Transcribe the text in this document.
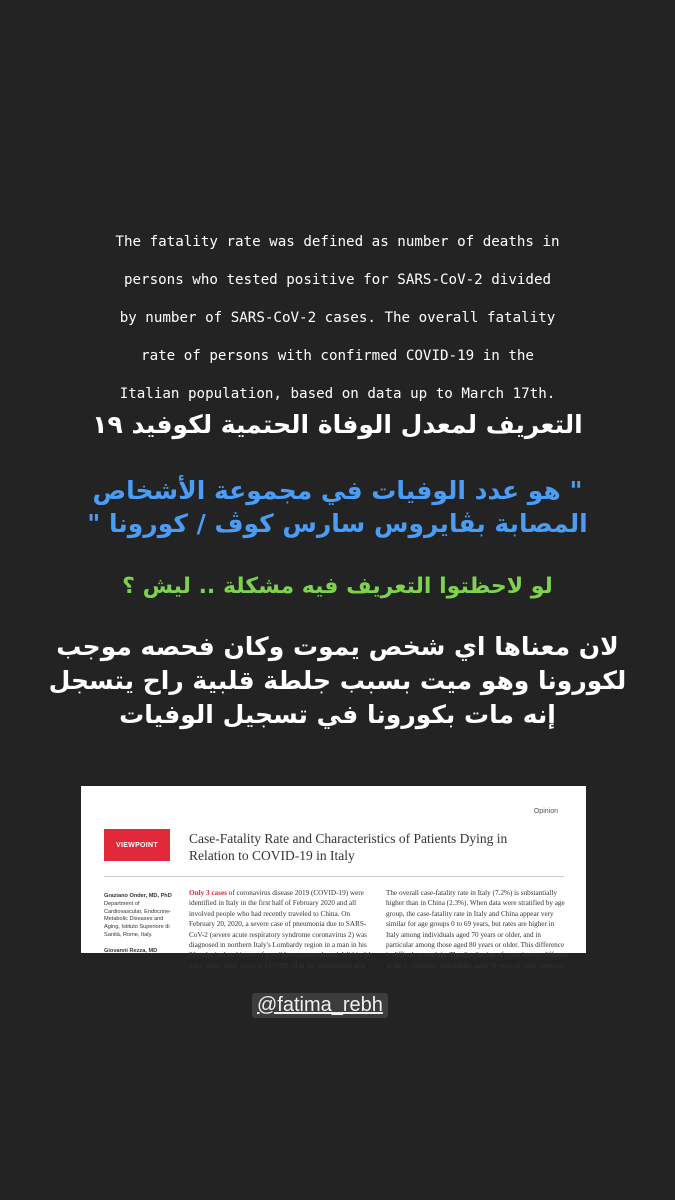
The fatality rate was defined as number of deaths in

persons who tested positive for SARS-CoV-2 divided

by number of SARS-CoV-2 cases. The overall fatality

rate of persons with confirmed COVID-19 in the

Italian population, based on data up to March 17th.

التعريف لمعدل الوفاة الحتمية لكوفيد ١٩
" هو عدد الوفيات في مجموعة الأشخاص
المصابة بڤايروس سارس كوڤ / كورونا "
لو لاحظتوا التعريف فيه مشكلة .. ليش ؟
لان معناها اي شخص يموت وكان فحصه موجب
لكورونا وهو ميت بسبب جلطة قلبية راح يتسجل
إنه مات بكورونا في تسجيل الوفيات
Opinion
VIEWPOINT	Case-Fatality Rate and Characteristics of Patients Dying in Relation to COVID-19 in Italy
Graziano Onder, MD, PhD
Department of Cardiovascular, Endocrine-Metabolic Diseases and Aging, Istituto Superiore di Sanità, Rome, Italy.
Giovanni Rezza, MD
Only 3 cases of coronavirus disease 2019 (COVID-19) were identified in Italy in the first half of February 2020 and all involved people who had recently traveled to China. On February 20, 2020, a severe case of pneumonia due to SARS-CoV-2 (severe acute respiratory syndrome coronavirus 2) was diagnosed in northern Italy's Lombardy region in a man in his 30s who had no history of possible exposure abroad. Within 14 days, many other cases of COVID-19 in the surrounding area
The overall case-fatality rate in Italy (7.2%) is substantially higher than in China (2.3%). When data were stratified by age group, the case-fatality rate in Italy and China appear very similar for age groups 0 to 69 years, but rates are higher in Italy among individuals aged 70 years or older, and in particular among those aged 80 years or older. This difference is difficult to explain. The distribution of cases is very different in the 2 countries: individuals aged 70 years or older represent
@fatima_rebh
